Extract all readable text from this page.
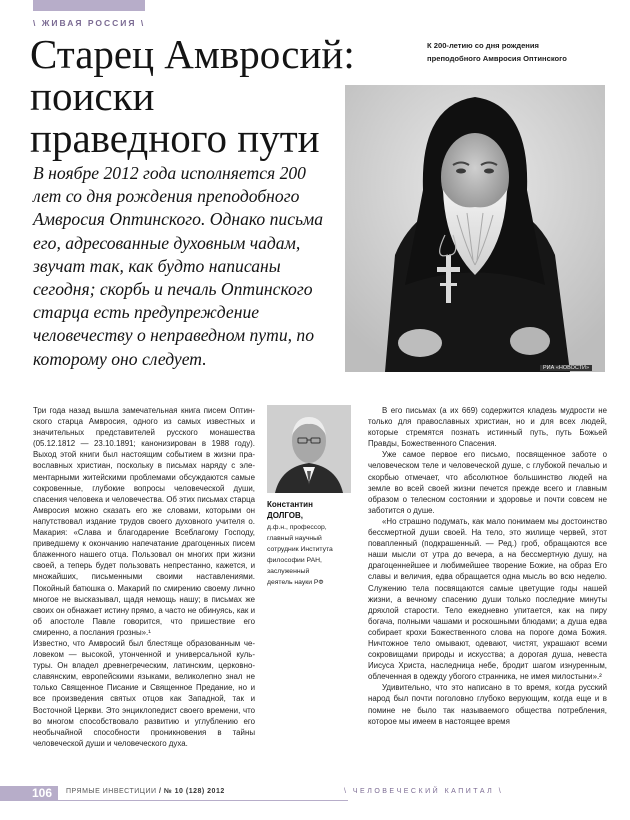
\ ЖИВАЯ РОССИЯ \
Старец Амвросий:
поиски
праведного пути
К 200-летию со дня рождения
преподобного Амвросия Оптинского
РИА «НОВОСТИ»
В ноябре 2012 года исполняется 200 лет со дня рождения преподобного Амвросия Оптинского. Однако письма его, адресованные духовным чадам, звучат так, как будто написаны сегодня; скорбь и печаль Оптинского старца есть предупреждение человечеству о неправедном пути, по которому оно следует.

Три года назад вышла замечательная книга писем Оптинского старца Амвросия, одного из самых известных и значительных представителей русского монашества (05.12.1812 — 23.10.1891; канонизирован в 1988 году). Выход этой книги был настоящим событием в жизни православных христиан, поскольку в письмах наряду с элементарными житейскими проблемами обсуждаются самые сокровенные, глубокие вопросы человеческой души, спасения человека и человечества. Об этих письмах старца Амвросия можно сказать его же словами, которыми он напутствовал издание трудов своего духовного учителя о. Макария: «Слава и благодарение Всеблагому Господу, приведшему к окончанию напечатание драгоценных писем блаженного нашего отца. Пользовал он многих при жизни своей, а теперь будет пользовать непрестанно, кажется, и множайших, письменными своими наставлениями. Покойный батюшка о. Макарий по смирению своему лично многое не высказывал, щадя немощь нашу; в письмах же своих он обнажает истину прямо, а часто не обинуясь, как и об апостоле Павле говорится, что пришествие его смиренно, а послания грозны».¹

Известно, что Амвросий был блестяще образованным человеком — высокой, утонченной и универсальной культуры. Он владел древнегреческим, латинским, церковнославянским, европейскими языками, великолепно знал не только Священное Писание и Священное Предание, но и все произведения святых отцов как Западной, так и Восточной Церкви. Это энциклопедист своего времени, что во многом способствовало развитию и углублению его необычайной способности проникновения в тайны человеческой души и человеческого духа.

Константин
ДОЛГОВ,
д.ф.н., профессор,
главный научный
сотрудник Института
философии РАН,
заслуженный
деятель науки РФ

В его письмах (а их 669) содержится кладезь мудрости не только для православных христиан, но и для всех людей, которые стремятся познать истинный путь, путь Божьей Правды, Божественного Спасения.

Уже самое первое его письмо, посвященное заботе о человеческом теле и человеческой душе, с глубокой печалью и скорбью отмечает, что абсолютное большинство людей на земле во всей своей жизни печется прежде всего и главным образом о телесном состоянии и здоровье и почти совсем не заботится о душе.

«Но страшно подумать, как мало понимаем мы достоинство бессмертной души своей. На тело, это жилище червей, этот повапленный (подкрашенный. — Ред.) гроб, обращаются все наши мысли от утра до вечера, а на бессмертную душу, на драгоценнейшее и любимейшее творение Божие, на образ Его славы и величия, едва обращается одна мысль во всю неделю. Служению тела посвящаются самые цветущие годы нашей жизни, а вечному спасению души только последние минуты дряхлой старости. Тело ежедневно упитается, как на пиру богача, полными чашами и роскошными блюдами; а душа едва собирает крохи Божественного слова на пороге дома Божия. Ничтожное тело омывают, одевают, чистят, украшают всеми сокровищами природы и искусства; а дорогая душа, невеста Иисуса Христа, наследница небе, бродит шагом изнуренным, облеченная в одежду убогого странника, не имея милостыни».²

Удивительно, что это написано в то время, когда русский народ был почти поголовно глубоко верующим, когда еще и в помине не было так называемого общества потребления, которое мы имеем в настоящее время

106	ПРЯМЫЕ ИНВЕСТИЦИИ / № 10 (128) 2012	\ ЧЕЛОВЕЧЕСКИЙ КАПИТАЛ \
